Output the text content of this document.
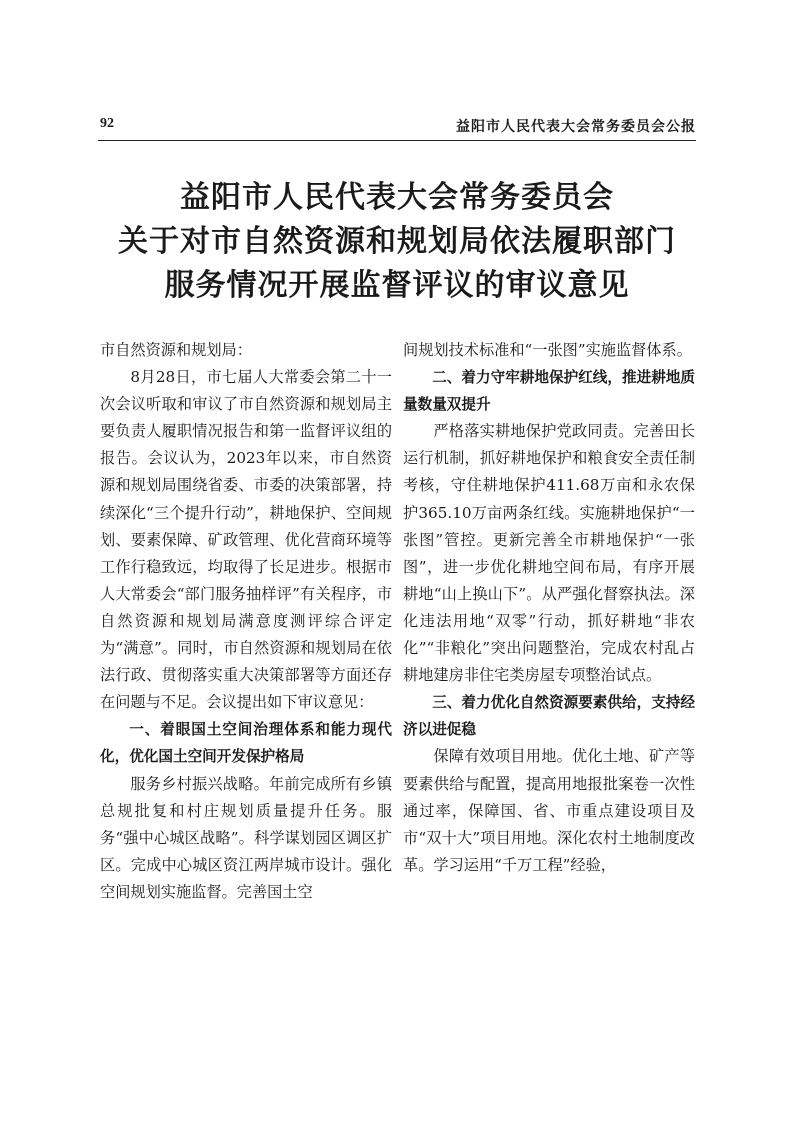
92	益阳市人民代表大会常务委员会公报
益阳市人民代表大会常务委员会
关于对市自然资源和规划局依法履职部门
服务情况开展监督评议的审议意见

市自然资源和规划局：

8月28日，市七届人大常委会第二十一次会议听取和审议了市自然资源和规划局主要负责人履职情况报告和第一监督评议组的报告。会议认为，2023年以来，市自然资源和规划局围绕省委、市委的决策部署，持续深化“三个提升行动”，耕地保护、空间规划、要素保障、矿政管理、优化营商环境等工作行稳致远，均取得了长足进步。根据市人大常委会“部门服务抽样评”有关程序，市自然资源和规划局满意度测评综合评定为“满意”。同时，市自然资源和规划局在依法行政、贯彻落实重大决策部署等方面还存在问题与不足。会议提出如下审议意见：

一、着眼国土空间治理体系和能力现代化，优化国土空间开发保护格局

服务乡村振兴战略。年前完成所有乡镇总规批复和村庄规划质量提升任务。服务“强中心城区战略”。科学谋划园区调区扩区。完成中心城区资江两岸城市设计。强化空间规划实施监督。完善国土空

间规划技术标准和“一张图”实施监督体系。

二、着力守牢耕地保护红线，推进耕地质量数量双提升

严格落实耕地保护党政同责。完善田长运行机制，抓好耕地保护和粮食安全责任制考核，守住耕地保护411.68万亩和永农保护365.10万亩两条红线。实施耕地保护“一张图”管控。更新完善全市耕地保护“一张图”，进一步优化耕地空间布局，有序开展耕地“山上换山下”。从严强化督察执法。深化违法用地“双零”行动，抓好耕地“非农化”“非粮化”突出问题整治，完成农村乱占耕地建房非住宅类房屋专项整治试点。

三、着力优化自然资源要素供给，支持经济以进促稳

保障有效项目用地。优化土地、矿产等要素供给与配置，提高用地报批案卷一次性通过率，保障国、省、市重点建设项目及市“双十大”项目用地。深化农村土地制度改革。学习运用“千万工程”经验，
